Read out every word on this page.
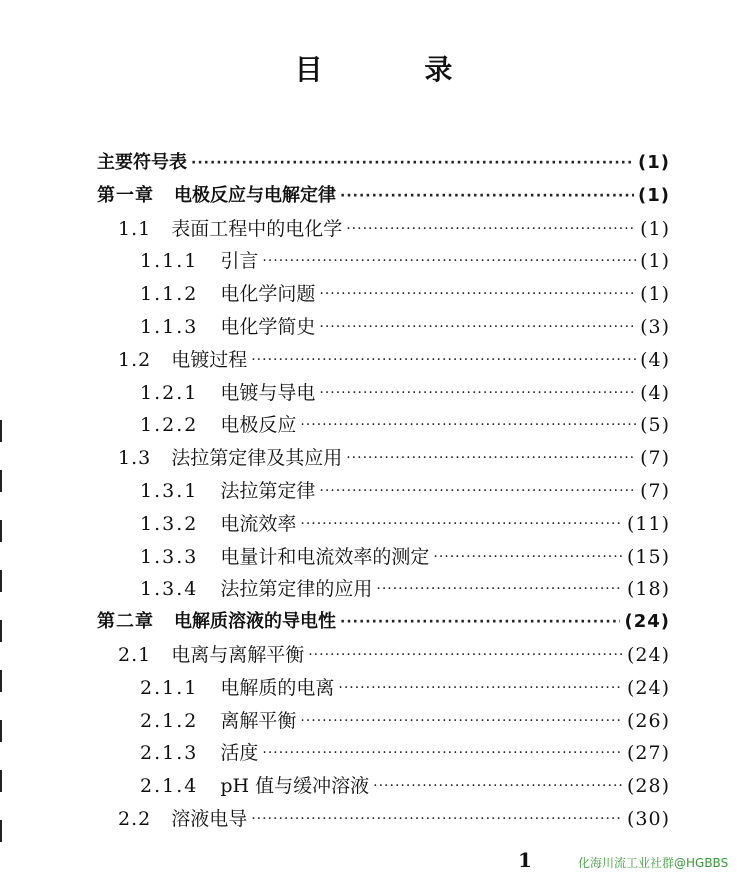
目 录
主要符号表 ·····	(1)
第一章 电极反应与电解定律 ·····	(1)
1.1 表面工程中的电化学 ·····	(1)
1.1.1 引言 ·····	(1)
1.1.2 电化学问题 ·····	(1)
1.1.3 电化学简史 ·····	(3)
1.2 电镀过程 ·····	(4)
1.2.1 电镀与导电 ·····	(4)
1.2.2 电极反应 ·····	(5)
1.3 法拉第定律及其应用 ·····	(7)
1.3.1 法拉第定律 ·····	(7)
1.3.2 电流效率 ·····	(11)
1.3.3 电量计和电流效率的测定 ·····	(15)
1.3.4 法拉第定律的应用 ·····	(18)
第二章 电解质溶液的导电性 ·····	(24)
2.1 电离与离解平衡 ·····	(24)
2.1.1 电解质的电离 ·····	(24)
2.1.2 离解平衡 ·····	(26)
2.1.3 活度 ·····	(27)
2.1.4 pH 值与缓冲溶液 ·····	(28)
2.2 溶液电导 ·····	(30)
1	化海川流工业社群@HGBBS
